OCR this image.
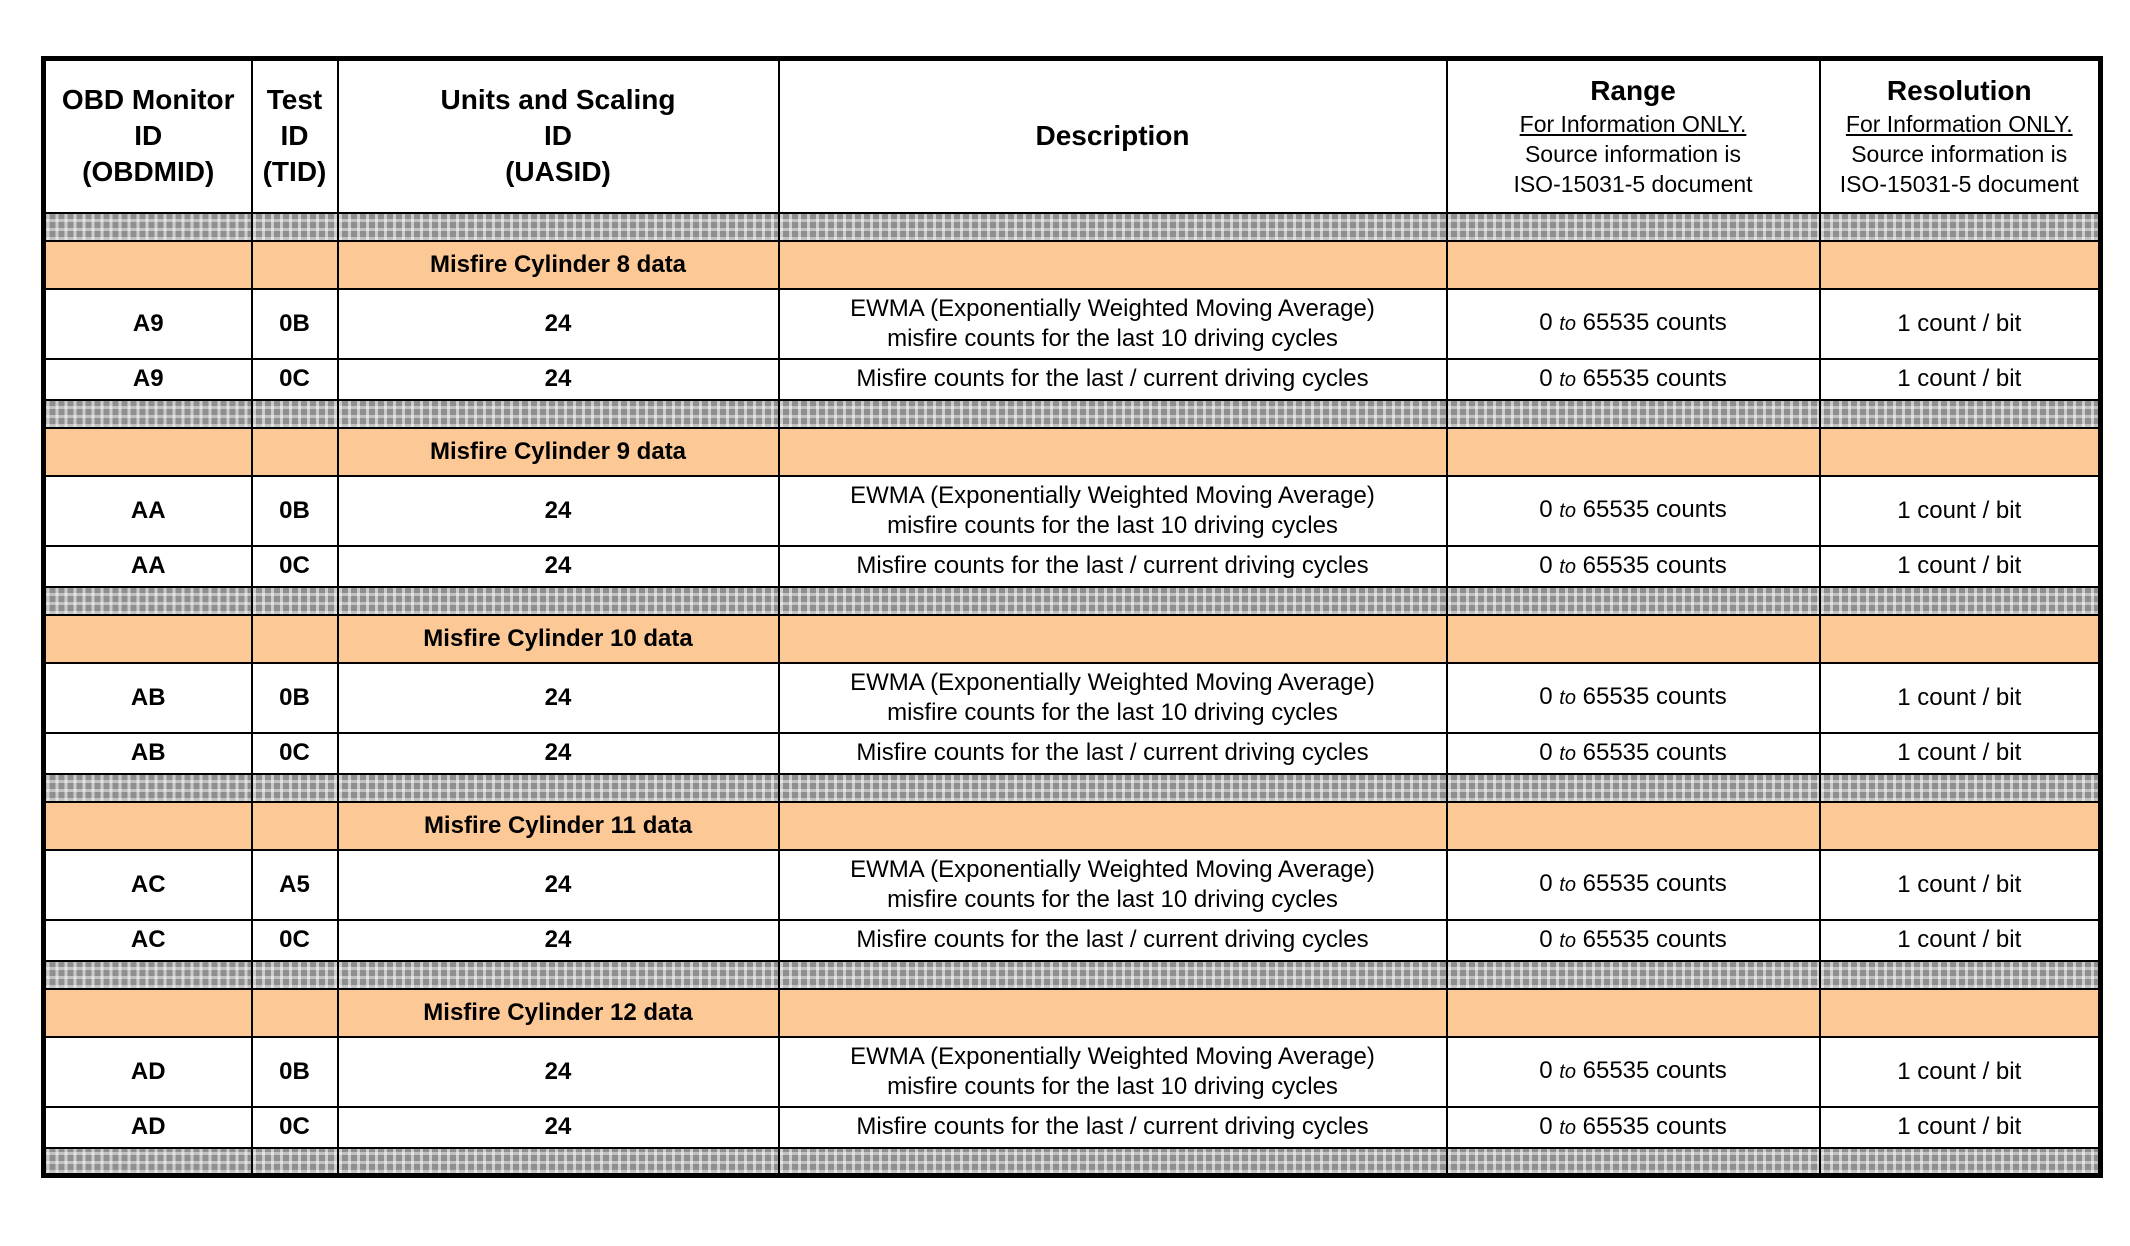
OBD Monitor
ID
(OBDMID)	Test
ID
(TID)	Units and Scaling
ID
(UASID)	Description	Range
For Information ONLY.
Source information is
ISO-15031-5 document	Resolution
For Information ONLY.
Source information is
ISO-15031-5 document

		Misfire Cylinder 8 data			
A9	0B	24	EWMA (Exponentially Weighted Moving Average)
misfire counts for the last 10 driving cycles	0 to 65535 counts	1 count / bit
A9	0C	24	Misfire counts for the last / current driving cycles	0 to 65535 counts	1 count / bit

		Misfire Cylinder 9 data			
AA	0B	24	EWMA (Exponentially Weighted Moving Average)
misfire counts for the last 10 driving cycles	0 to 65535 counts	1 count / bit
AA	0C	24	Misfire counts for the last / current driving cycles	0 to 65535 counts	1 count / bit

		Misfire Cylinder 10 data			
AB	0B	24	EWMA (Exponentially Weighted Moving Average)
misfire counts for the last 10 driving cycles	0 to 65535 counts	1 count / bit
AB	0C	24	Misfire counts for the last / current driving cycles	0 to 65535 counts	1 count / bit

		Misfire Cylinder 11 data			
AC	A5	24	EWMA (Exponentially Weighted Moving Average)
misfire counts for the last 10 driving cycles	0 to 65535 counts	1 count / bit
AC	0C	24	Misfire counts for the last / current driving cycles	0 to 65535 counts	1 count / bit

		Misfire Cylinder 12 data			
AD	0B	24	EWMA (Exponentially Weighted Moving Average)
misfire counts for the last 10 driving cycles	0 to 65535 counts	1 count / bit
AD	0C	24	Misfire counts for the last / current driving cycles	0 to 65535 counts	1 count / bit
